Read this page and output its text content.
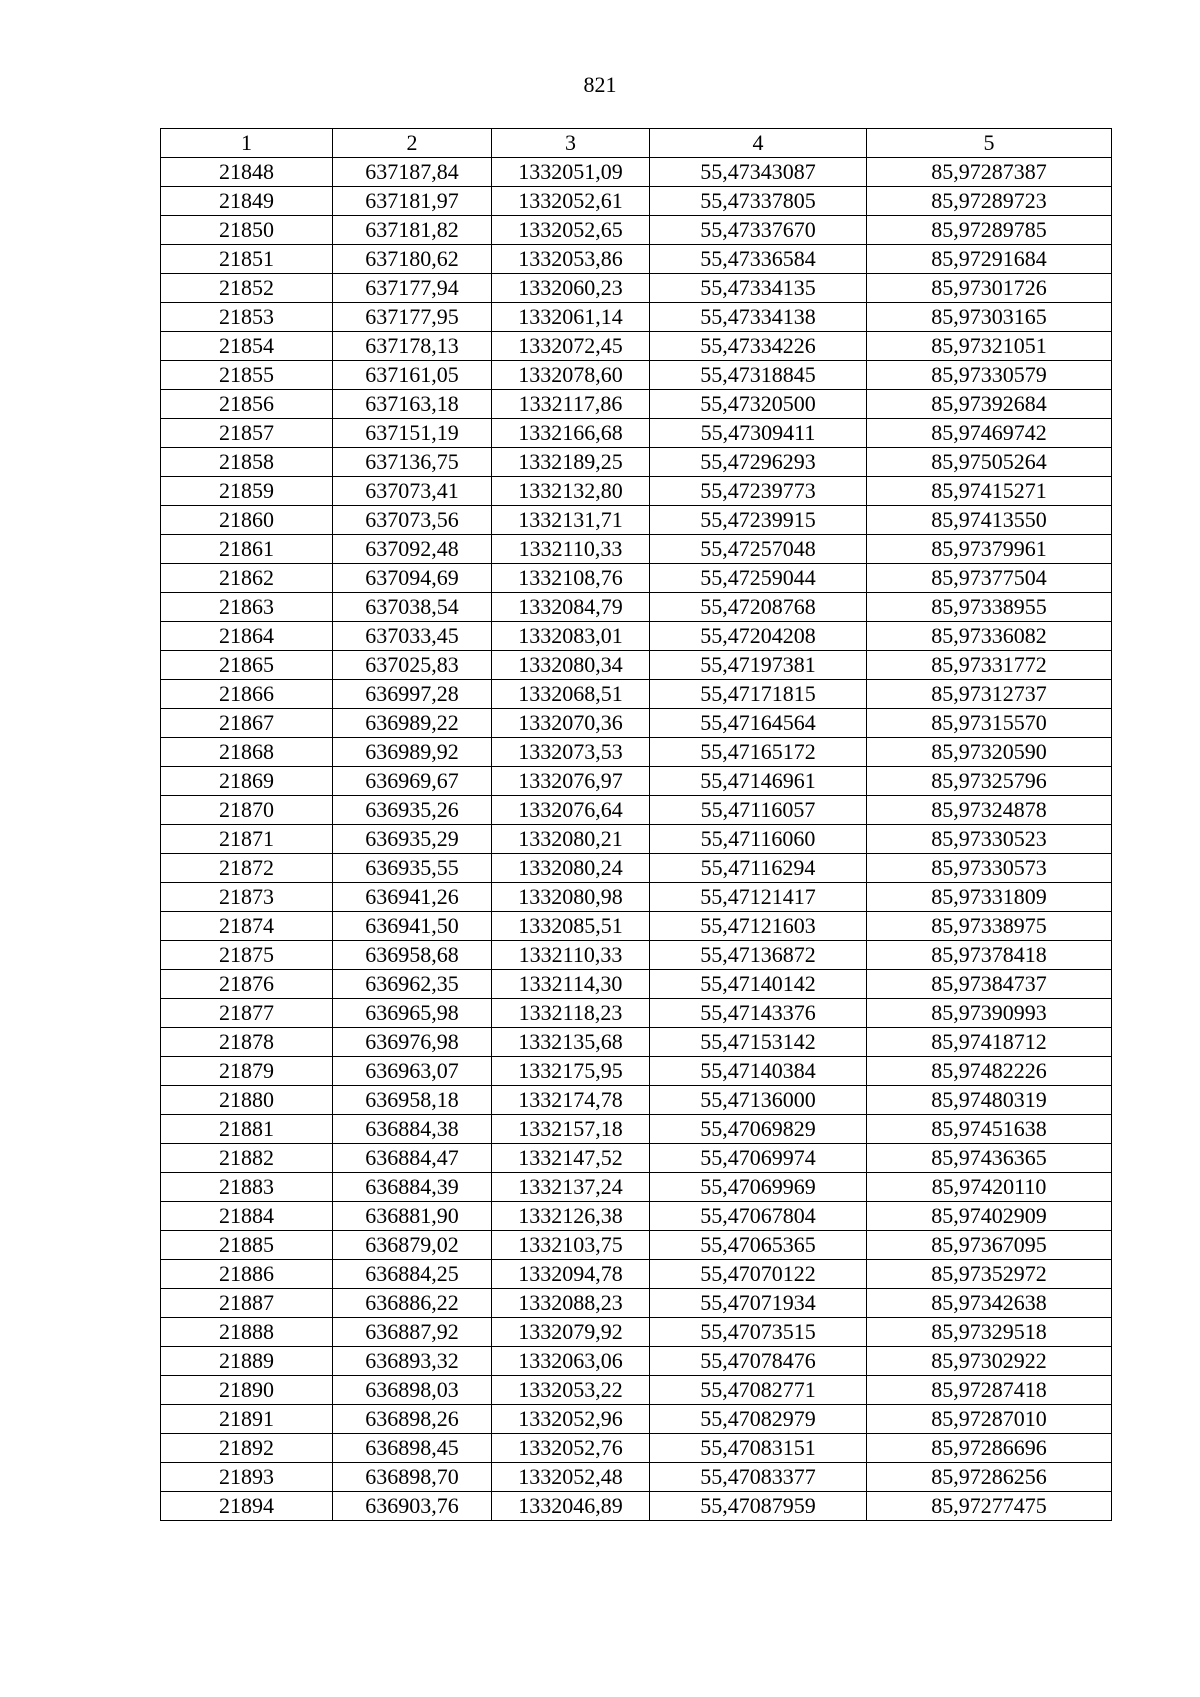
821
1	2	3	4	5
21848	637187,84	1332051,09	55,47343087	85,97287387
21849	637181,97	1332052,61	55,47337805	85,97289723
21850	637181,82	1332052,65	55,47337670	85,97289785
21851	637180,62	1332053,86	55,47336584	85,97291684
21852	637177,94	1332060,23	55,47334135	85,97301726
21853	637177,95	1332061,14	55,47334138	85,97303165
21854	637178,13	1332072,45	55,47334226	85,97321051
21855	637161,05	1332078,60	55,47318845	85,97330579
21856	637163,18	1332117,86	55,47320500	85,97392684
21857	637151,19	1332166,68	55,47309411	85,97469742
21858	637136,75	1332189,25	55,47296293	85,97505264
21859	637073,41	1332132,80	55,47239773	85,97415271
21860	637073,56	1332131,71	55,47239915	85,97413550
21861	637092,48	1332110,33	55,47257048	85,97379961
21862	637094,69	1332108,76	55,47259044	85,97377504
21863	637038,54	1332084,79	55,47208768	85,97338955
21864	637033,45	1332083,01	55,47204208	85,97336082
21865	637025,83	1332080,34	55,47197381	85,97331772
21866	636997,28	1332068,51	55,47171815	85,97312737
21867	636989,22	1332070,36	55,47164564	85,97315570
21868	636989,92	1332073,53	55,47165172	85,97320590
21869	636969,67	1332076,97	55,47146961	85,97325796
21870	636935,26	1332076,64	55,47116057	85,97324878
21871	636935,29	1332080,21	55,47116060	85,97330523
21872	636935,55	1332080,24	55,47116294	85,97330573
21873	636941,26	1332080,98	55,47121417	85,97331809
21874	636941,50	1332085,51	55,47121603	85,97338975
21875	636958,68	1332110,33	55,47136872	85,97378418
21876	636962,35	1332114,30	55,47140142	85,97384737
21877	636965,98	1332118,23	55,47143376	85,97390993
21878	636976,98	1332135,68	55,47153142	85,97418712
21879	636963,07	1332175,95	55,47140384	85,97482226
21880	636958,18	1332174,78	55,47136000	85,97480319
21881	636884,38	1332157,18	55,47069829	85,97451638
21882	636884,47	1332147,52	55,47069974	85,97436365
21883	636884,39	1332137,24	55,47069969	85,97420110
21884	636881,90	1332126,38	55,47067804	85,97402909
21885	636879,02	1332103,75	55,47065365	85,97367095
21886	636884,25	1332094,78	55,47070122	85,97352972
21887	636886,22	1332088,23	55,47071934	85,97342638
21888	636887,92	1332079,92	55,47073515	85,97329518
21889	636893,32	1332063,06	55,47078476	85,97302922
21890	636898,03	1332053,22	55,47082771	85,97287418
21891	636898,26	1332052,96	55,47082979	85,97287010
21892	636898,45	1332052,76	55,47083151	85,97286696
21893	636898,70	1332052,48	55,47083377	85,97286256
21894	636903,76	1332046,89	55,47087959	85,97277475
